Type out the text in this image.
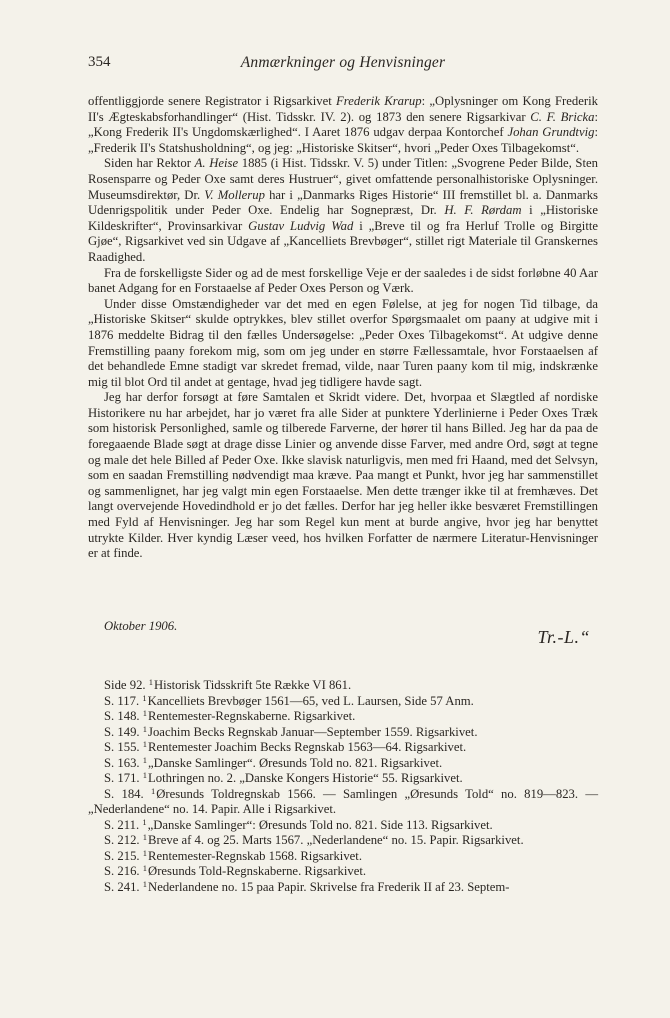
354	Anmærkninger og Henvisninger

offentliggjorde senere Registrator i Rigsarkivet Frederik Krarup: „Oplysninger om Kong Frederik II's Ægteskabsforhandlinger“ (Hist. Tidsskr. IV. 2). og 1873 den senere Rigsarkivar C. F. Bricka: „Kong Frederik II's Ungdomskærlighed“. I Aaret 1876 udgav derpaa Kontorchef Johan Grundtvig: „Frederik II's Statshusholdning“, og jeg: „Historiske Skitser“, hvori „Peder Oxes Tilbagekomst“.

Siden har Rektor A. Heise 1885 (i Hist. Tidsskr. V. 5) under Titlen: „Svogrene Peder Bilde, Sten Rosensparre og Peder Oxe samt deres Hustruer“, givet omfattende personalhistoriske Oplysninger. Museumsdirektør, Dr. V. Mollerup har i „Danmarks Riges Historie“ III fremstillet bl. a. Danmarks Udenrigspolitik under Peder Oxe. Endelig har Sognepræst, Dr. H. F. Rørdam i „Historiske Kildeskrifter“, Provinsarkivar Gustav Ludvig Wad i „Breve til og fra Herluf Trolle og Birgitte Gjøe“, Rigsarkivet ved sin Udgave af „Kancelliets Brevbøger“, stillet rigt Materiale til Granskernes Raadighed.

Fra de forskelligste Sider og ad de mest forskellige Veje er der saaledes i de sidst forløbne 40 Aar banet Adgang for en Forstaaelse af Peder Oxes Person og Værk.

Under disse Omstændigheder var det med en egen Følelse, at jeg for nogen Tid tilbage, da „Historiske Skitser“ skulde optrykkes, blev stillet overfor Spørgsmaalet om paany at udgive mit i 1876 meddelte Bidrag til den fælles Undersøgelse: „Peder Oxes Tilbagekomst“. At udgive denne Fremstilling paany forekom mig, som om jeg under en større Fællessamtale, hvor Forstaaelsen af det behandlede Emne stadigt var skredet fremad, vilde, naar Turen paany kom til mig, indskrænke mig til blot Ord til andet at gentage, hvad jeg tidligere havde sagt.

Jeg har derfor forsøgt at føre Samtalen et Skridt videre. Det, hvorpaa et Slægtled af nordiske Historikere nu har arbejdet, har jo været fra alle Sider at punktere Yderlinierne i Peder Oxes Træk som historisk Personlighed, samle og tilberede Farverne, der hører til hans Billed. Jeg har da paa de foregaaende Blade søgt at drage disse Linier og anvende disse Farver, med andre Ord, søgt at tegne og male det hele Billed af Peder Oxe. Ikke slavisk naturligvis, men med fri Haand, med det Selvsyn, som en saadan Fremstilling nødvendigt maa kræve. Paa mangt et Punkt, hvor jeg har sammenstillet og sammenlignet, har jeg valgt min egen Forstaaelse. Men dette trænger ikke til at fremhæves. Det langt overvejende Hovedindhold er jo det fælles. Derfor har jeg heller ikke besværet Fremstillingen med Fyld af Henvisninger. Jeg har som Regel kun ment at burde angive, hvor jeg har benyttet utrykte Kilder. Hver kyndig Læser veed, hos hvilken Forfatter de nærmere Literatur-Henvisninger er at finde.

Oktober 1906.
Tr.-L.“

Side 92. $^1$Historisk Tidsskrift 5te Række VI 861.

S. 117. $^1$Kancelliets Brevbøger 1561—65, ved L. Laursen, Side 57 Anm.

S. 148. $^1$Rentemester-Regnskaberne. Rigsarkivet.

S. 149. $^1$Joachim Becks Regnskab Januar—September 1559. Rigsarkivet.

S. 155. $^1$Rentemester Joachim Becks Regnskab 1563—64. Rigsarkivet.

S. 163. $^1$„Danske Samlinger“. Øresunds Told no. 821. Rigsarkivet.

S. 171. $^1$Lothringen no. 2. „Danske Kongers Historie“ 55. Rigsarkivet.

S. 184. $^1$Øresunds Toldregnskab 1566. — Samlingen „Øresunds Told“ no. 819—823. — „Nederlandene“ no. 14. Papir. Alle i Rigsarkivet.

S. 211. $^1$„Danske Samlinger“: Øresunds Told no. 821. Side 113. Rigsarkivet.

S. 212. $^1$Breve af 4. og 25. Marts 1567. „Nederlandene“ no. 15. Papir. Rigsarkivet.

S. 215. $^1$Rentemester-Regnskab 1568. Rigsarkivet.

S. 216. $^1$Øresunds Told-Regnskaberne. Rigsarkivet.

S. 241. $^1$Nederlandene no. 15 paa Papir. Skrivelse fra Frederik II af 23. Septem-
